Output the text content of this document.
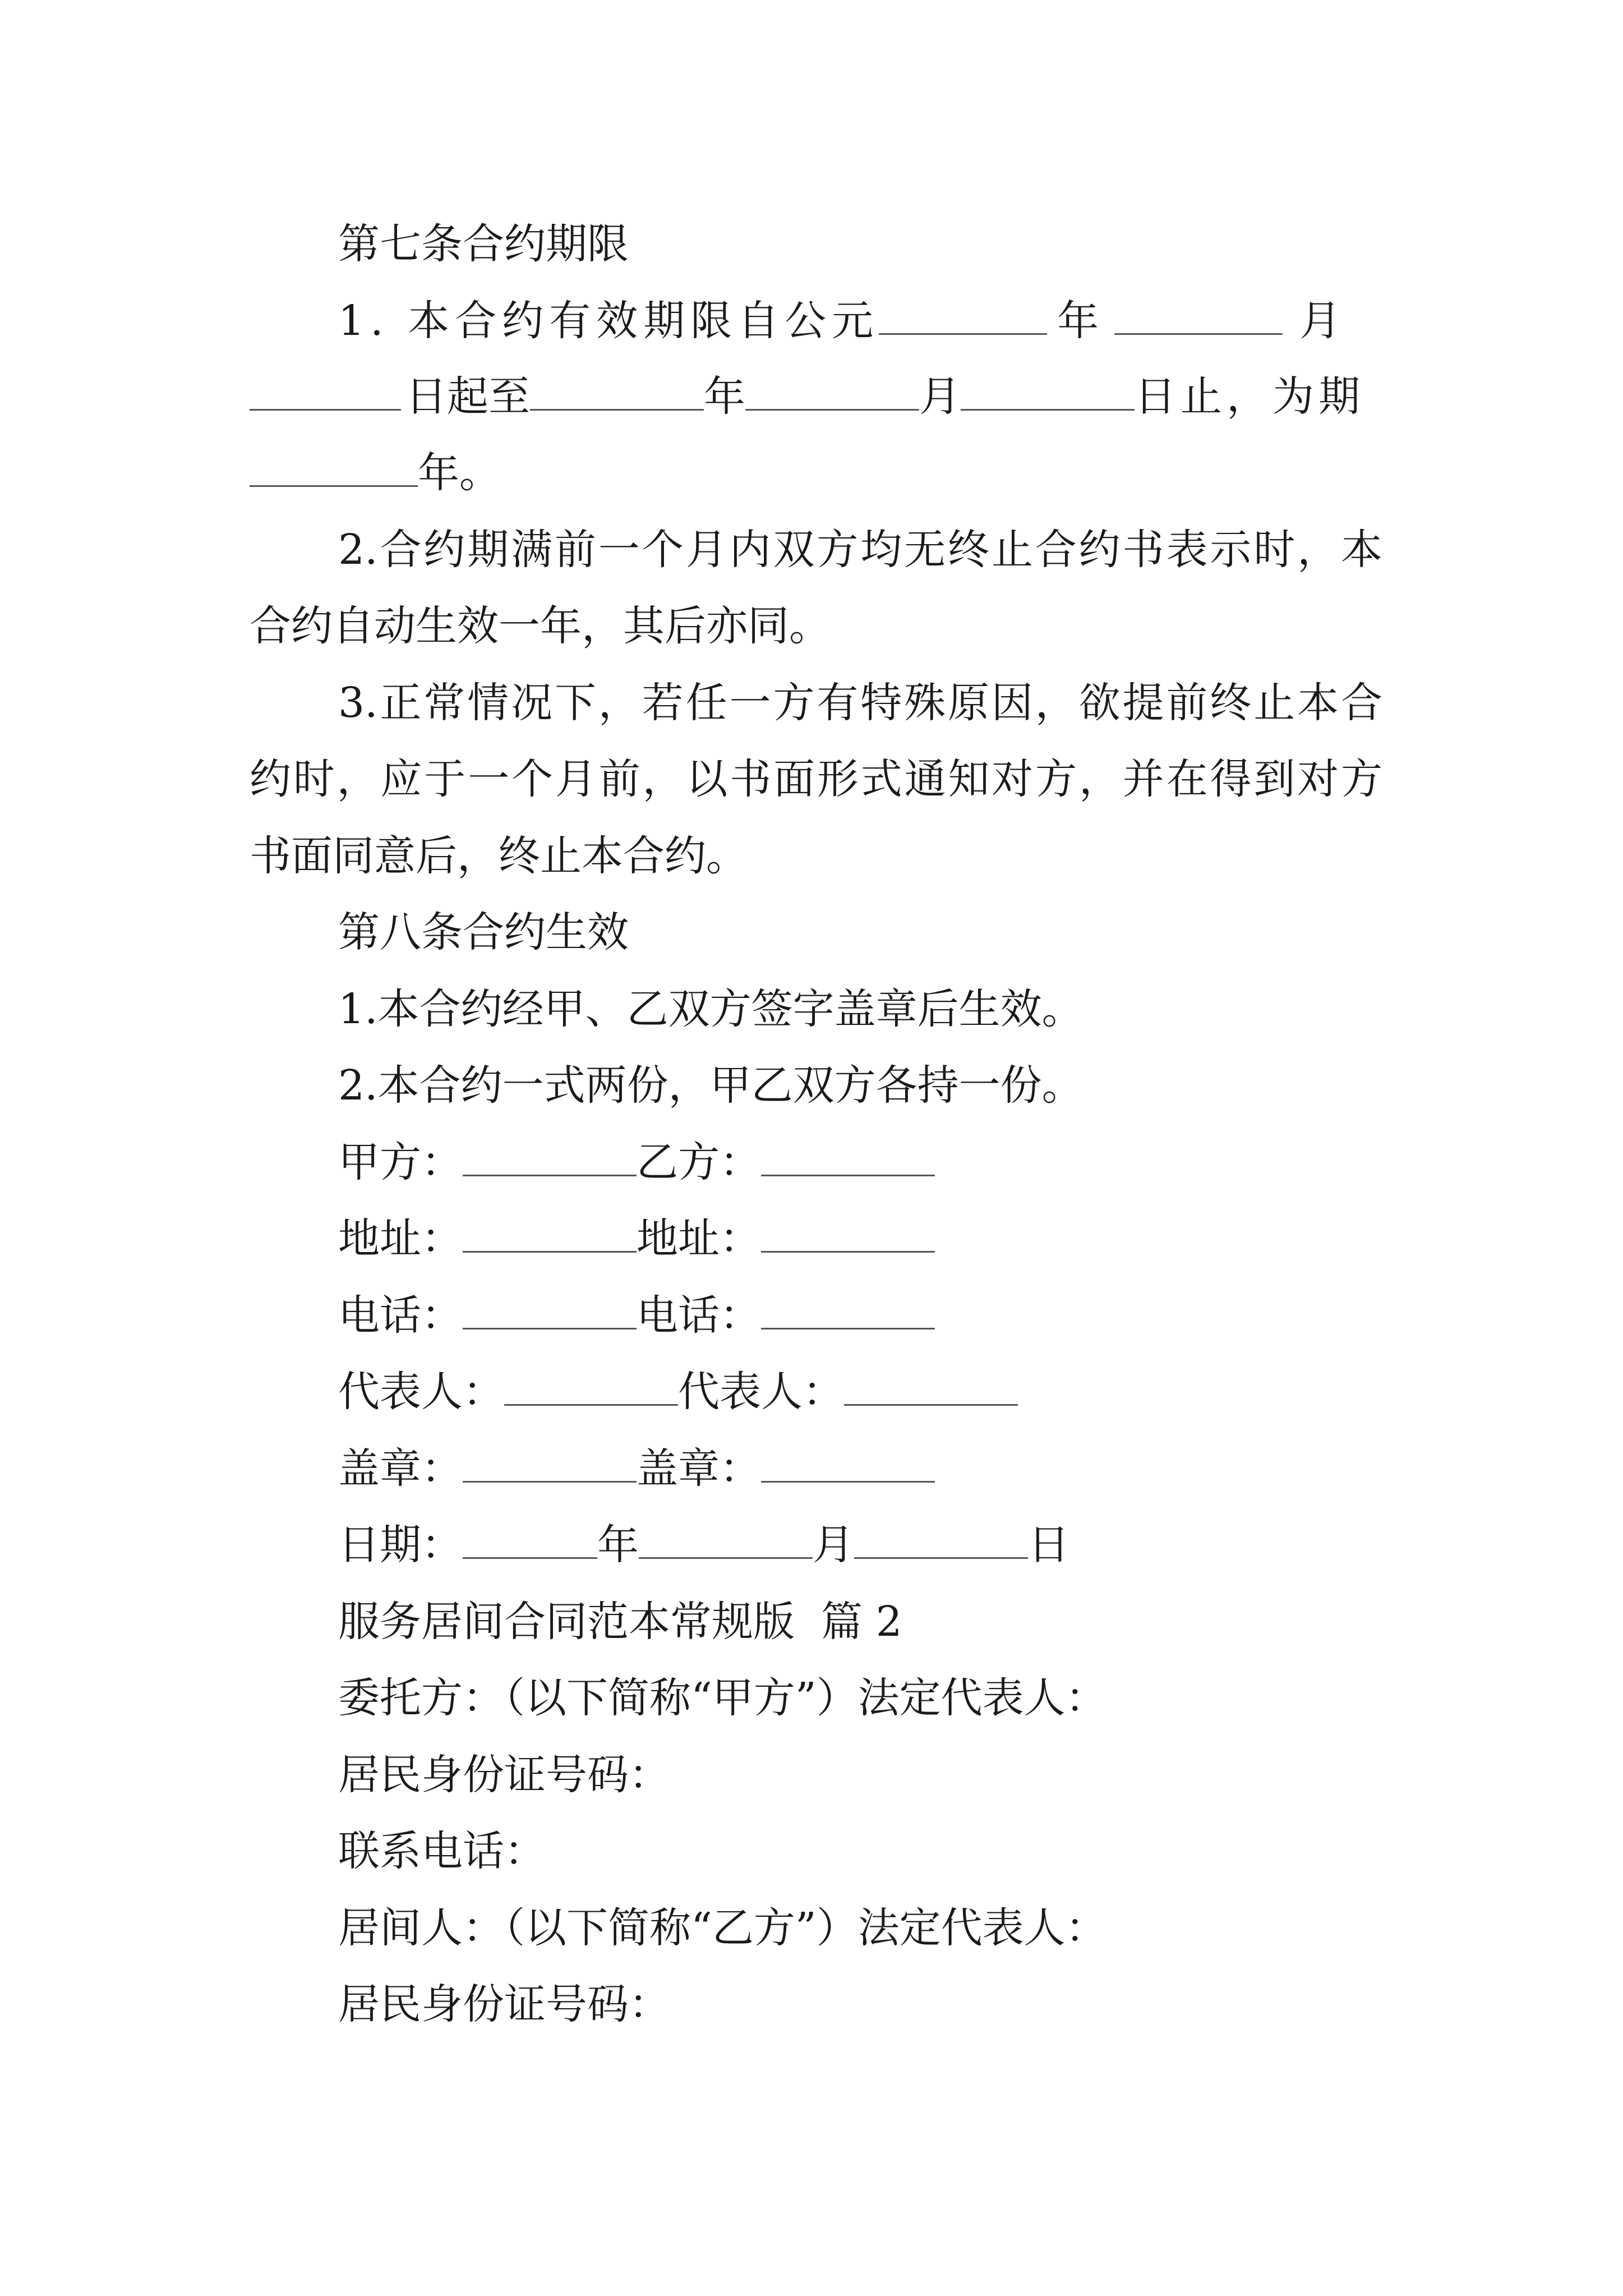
第七条合约期限
1. 本合约有效期限自公元	年	月
日起至	年	月	日止，为期
年。
2.合约期满前一个月内双方均无终止合约书表示时，本
合约自动生效一年，其后亦同。
3.正常情况下，若任一方有特殊原因，欲提前终止本合
约时，应于一个月前，以书面形式通知对方，并在得到对方
书面同意后，终止本合约。
第八条合约生效
1.本合约经甲、乙双方签字盖章后生效。
2.本合约一式两份，甲乙双方各持一份。
甲方：	乙方：
地址：	地址：
电话：	电话：
代表人：	代表人：
盖章：	盖章：
日期：	年	月	日
服务居间合同范本常规版  篇 2
委托方：（以下简称“甲方”）法定代表人：
居民身份证号码：
联系电话：
居间人：（以下简称“乙方”）法定代表人：
居民身份证号码：
